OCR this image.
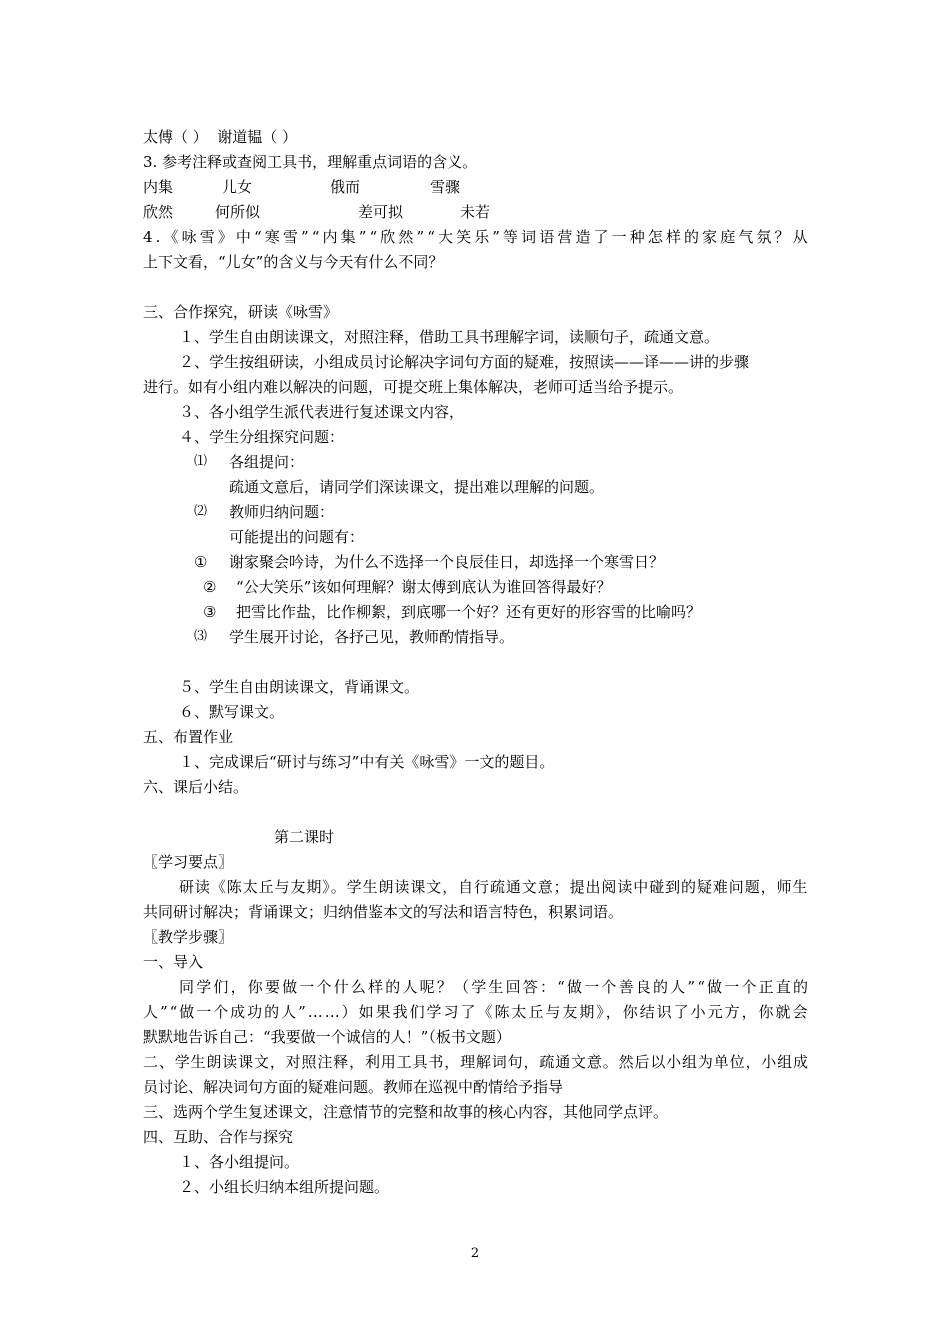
太傅（ ）  谢道韫（ ）
3. 参考注释或查阅工具书，理解重点词语的含义。
内集	儿女	俄而	雪骤
欣然	何所似	差可拟	未若
4.《咏雪》中“寒雪”“内集”“欣然”“大笑乐”等词语营造了一种怎样的家庭气氛？从
上下文看，“儿女”的含义与今天有什么不同？
三、合作探究，研读《咏雪》
１、学生自由朗读课文，对照注释，借助工具书理解字词，读顺句子，疏通文意。
２、学生按组研读，小组成员讨论解决字词句方面的疑难，按照读——译——讲的步骤
进行。如有小组内难以解决的问题，可提交班上集体解决，老师可适当给予提示。
３、各小组学生派代表进行复述课文内容，
４、学生分组探究问题：
⑴ 各组提问：
疏通文意后，请同学们深读课文，提出难以理解的问题。
⑵ 教师归纳问题：
可能提出的问题有：
① 谢家聚会吟诗，为什么不选择一个良辰佳日，却选择一个寒雪日？
② “公大笑乐”该如何理解？谢太傅到底认为谁回答得最好？
③ 把雪比作盐，比作柳絮，到底哪一个好？还有更好的形容雪的比喻吗？
⑶ 学生展开讨论，各抒己见，教师酌情指导。
５、学生自由朗读课文，背诵课文。
６、默写课文。
五、布置作业
１、完成课后“研讨与练习”中有关《咏雪》一文的题目。
六、课后小结。
第二课时
〖学习要点〗
研读《陈太丘与友期》。学生朗读课文，自行疏通文意；提出阅读中碰到的疑难问题，师生
共同研讨解决；背诵课文；归纳借鉴本文的写法和语言特色，积累词语。
〖教学步骤〗
一、导入
同学们，你要做一个什么样的人呢？（学生回答：“做一个善良的人”“做一个正直的
人”“做一个成功的人”……）如果我们学习了《陈太丘与友期》，你结识了小元方，你就会
默默地告诉自己：“我要做一个诚信的人！”（板书文题）
二、学生朗读课文，对照注释，利用工具书，理解词句，疏通文意。然后以小组为单位，小组成
员讨论、解决词句方面的疑难问题。教师在巡视中酌情给予指导
三、选两个学生复述课文，注意情节的完整和故事的核心内容，其他同学点评。
四、互助、合作与探究
１、各小组提问。
２、小组长归纳本组所提问题。
2
